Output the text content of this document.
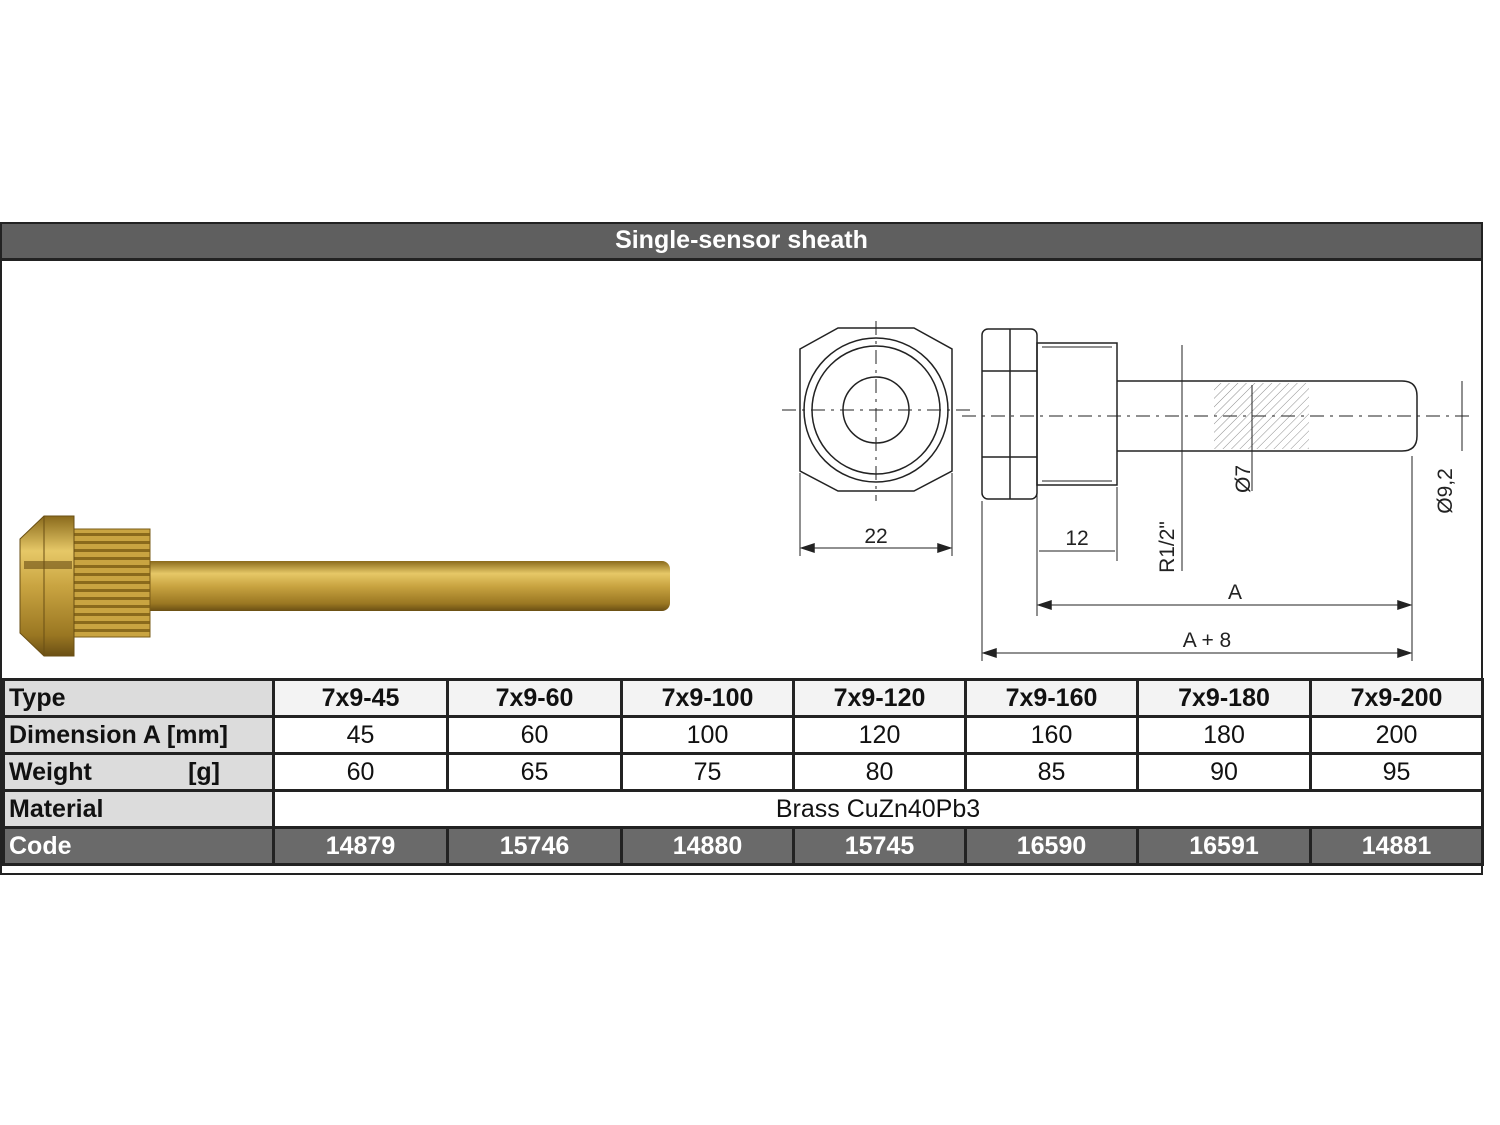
Single-sensor sheath
22	12	R1/2"
Ø7	Ø9,2
A
A + 8
Type	7x9-45	7x9-60	7x9-100	7x9-120	7x9-160	7x9-180	7x9-200
Dimension A [mm]	45	60	100	120	160	180	200
Weight [g]	60	65	75	80	85	90	95
Material	Brass CuZn40Pb3						
Code	14879	15746	14880	15745	16590	16591	14881
